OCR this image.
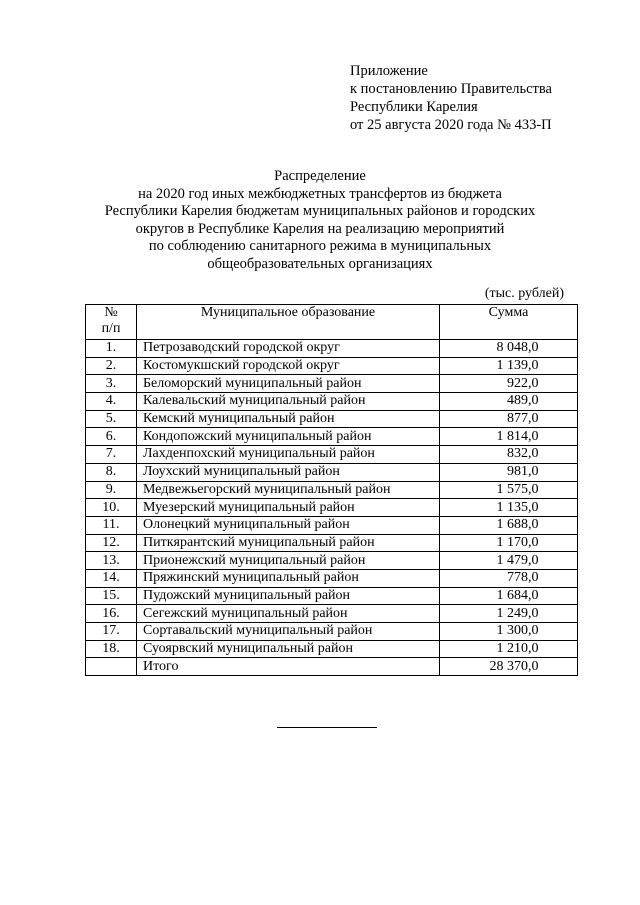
Приложение
к постановлению Правительства
Республики Карелия
от 25 августа 2020 года № 433-П
Распределение
на 2020 год иных межбюджетных трансфертов из бюджета
Республики Карелия бюджетам муниципальных районов и городских
округов в Республике Карелия на реализацию мероприятий
по соблюдению санитарного режима в муниципальных
общеобразовательных организациях
(тыс. рублей)
№
п/п	Муниципальное образование	Сумма
1.	Петрозаводский городской округ	8 048,0
2.	Костомукшский городской округ	1 139,0
3.	Беломорский муниципальный район	922,0
4.	Калевальский муниципальный район	489,0
5.	Кемский муниципальный район	877,0
6.	Кондопожский муниципальный район	1 814,0
7.	Лахденпохский муниципальный район	832,0
8.	Лоухский муниципальный район	981,0
9.	Медвежьегорский муниципальный район	1 575,0
10.	Муезерский муниципальный район	1 135,0
11.	Олонецкий муниципальный район	1 688,0
12.	Питкярантский муниципальный район	1 170,0
13.	Прионежский муниципальный район	1 479,0
14.	Пряжинский муниципальный район	778,0
15.	Пудожский муниципальный район	1 684,0
16.	Сегежский муниципальный район	1 249,0
17.	Сортавальский муниципальный район	1 300,0
18.	Суоярвский муниципальный район	1 210,0
	Итого	28 370,0
